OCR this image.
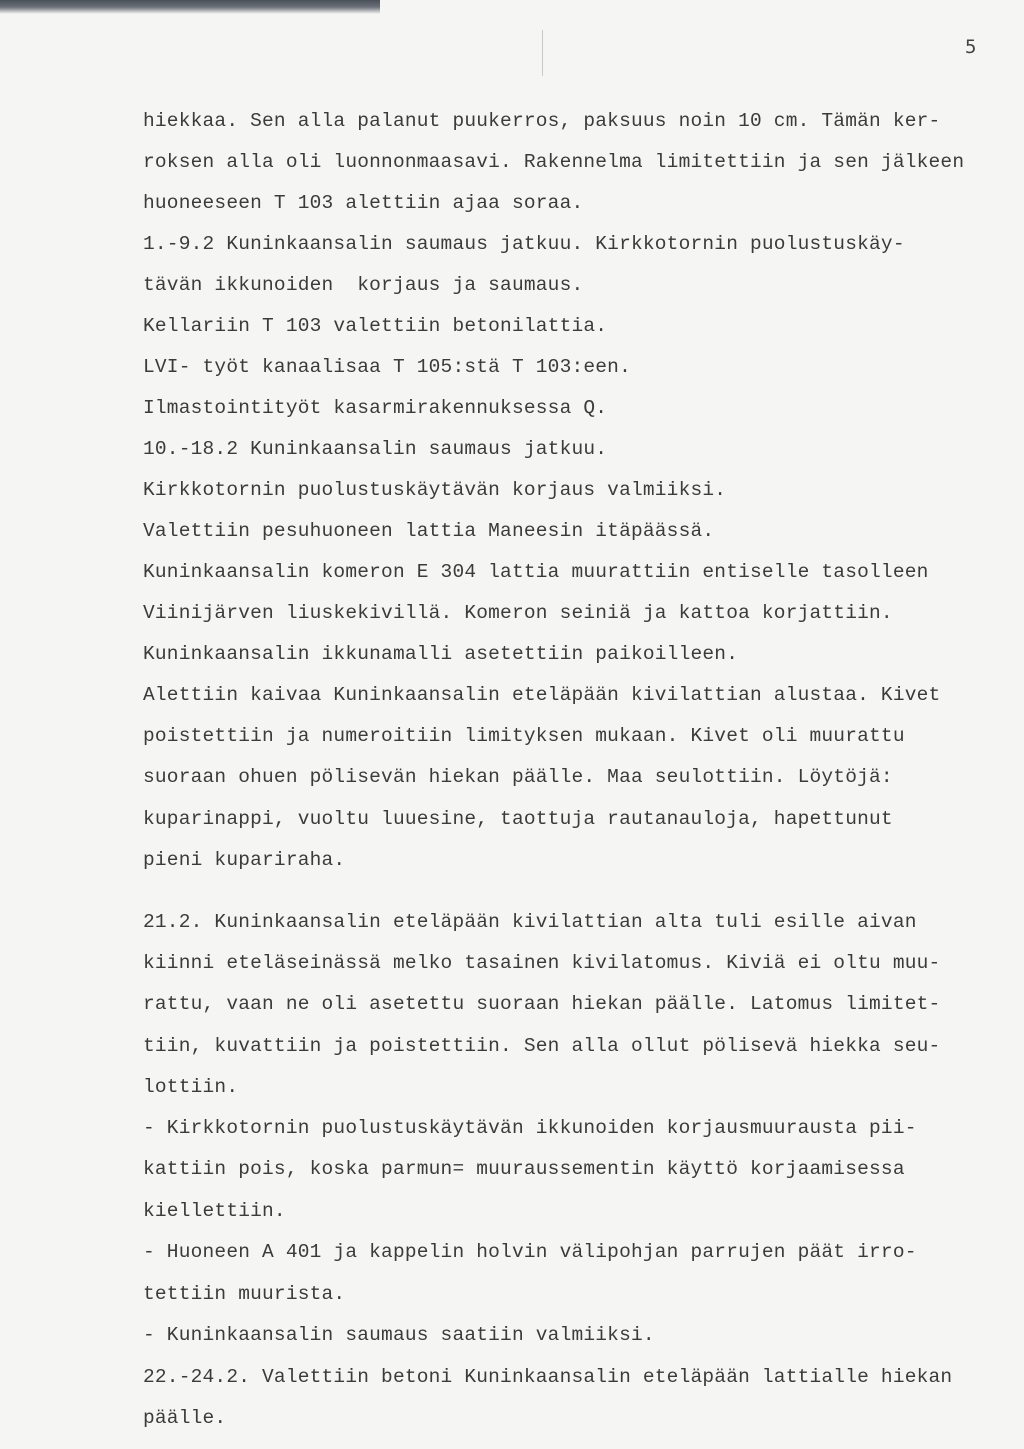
5
hiekkaa. Sen alla palanut puukerros, paksuus noin 10 cm. Tämän ker-
roksen alla oli luonnonmaasavi. Rakennelma limitettiin ja sen jälkeen
huoneeseen T 103 alettiin ajaa soraa.
1.-9.2 Kuninkaansalin saumaus jatkuu. Kirkkotornin puolustuskäy-
tävän ikkunoiden  korjaus ja saumaus.
Kellariin T 103 valettiin betonilattia.
LVI- työt kanaalisaa T 105:stä T 103:een.
Ilmastointityöt kasarmirakennuksessa Q.
10.-18.2 Kuninkaansalin saumaus jatkuu.
Kirkkotornin puolustuskäytävän korjaus valmiiksi.
Valettiin pesuhuoneen lattia Maneesin itäpäässä.
Kuninkaansalin komeron E 304 lattia muurattiin entiselle tasolleen
Viinijärven liuskekivillä. Komeron seiniä ja kattoa korjattiin.
Kuninkaansalin ikkunamalli asetettiin paikoilleen.
Alettiin kaivaa Kuninkaansalin eteläpään kivilattian alustaa. Kivet
poistettiin ja numeroitiin limityksen mukaan. Kivet oli muurattu
suoraan ohuen pölisevän hiekan päälle. Maa seulottiin. Löytöjä:
kuparinappi, vuoltu luuesine, taottuja rautanauloja, hapettunut
pieni kupariraha.
21.2. Kuninkaansalin eteläpään kivilattian alta tuli esille aivan
kiinni eteläseinässä melko tasainen kivilatomus. Kiviä ei oltu muu-
rattu, vaan ne oli asetettu suoraan hiekan päälle. Latomus limitet-
tiin, kuvattiin ja poistettiin. Sen alla ollut pölisevä hiekka seu-
lottiin.
- Kirkkotornin puolustuskäytävän ikkunoiden korjausmuurausta pii-
kattiin pois, koska parmun= muuraussementin käyttö korjaamisessa
kiellettiin.
- Huoneen A 401 ja kappelin holvin välipohjan parrujen päät irro-
tettiin muurista.
- Kuninkaansalin saumaus saatiin valmiiksi.
22.-24.2. Valettiin betoni Kuninkaansalin eteläpään lattialle hiekan
päälle.
